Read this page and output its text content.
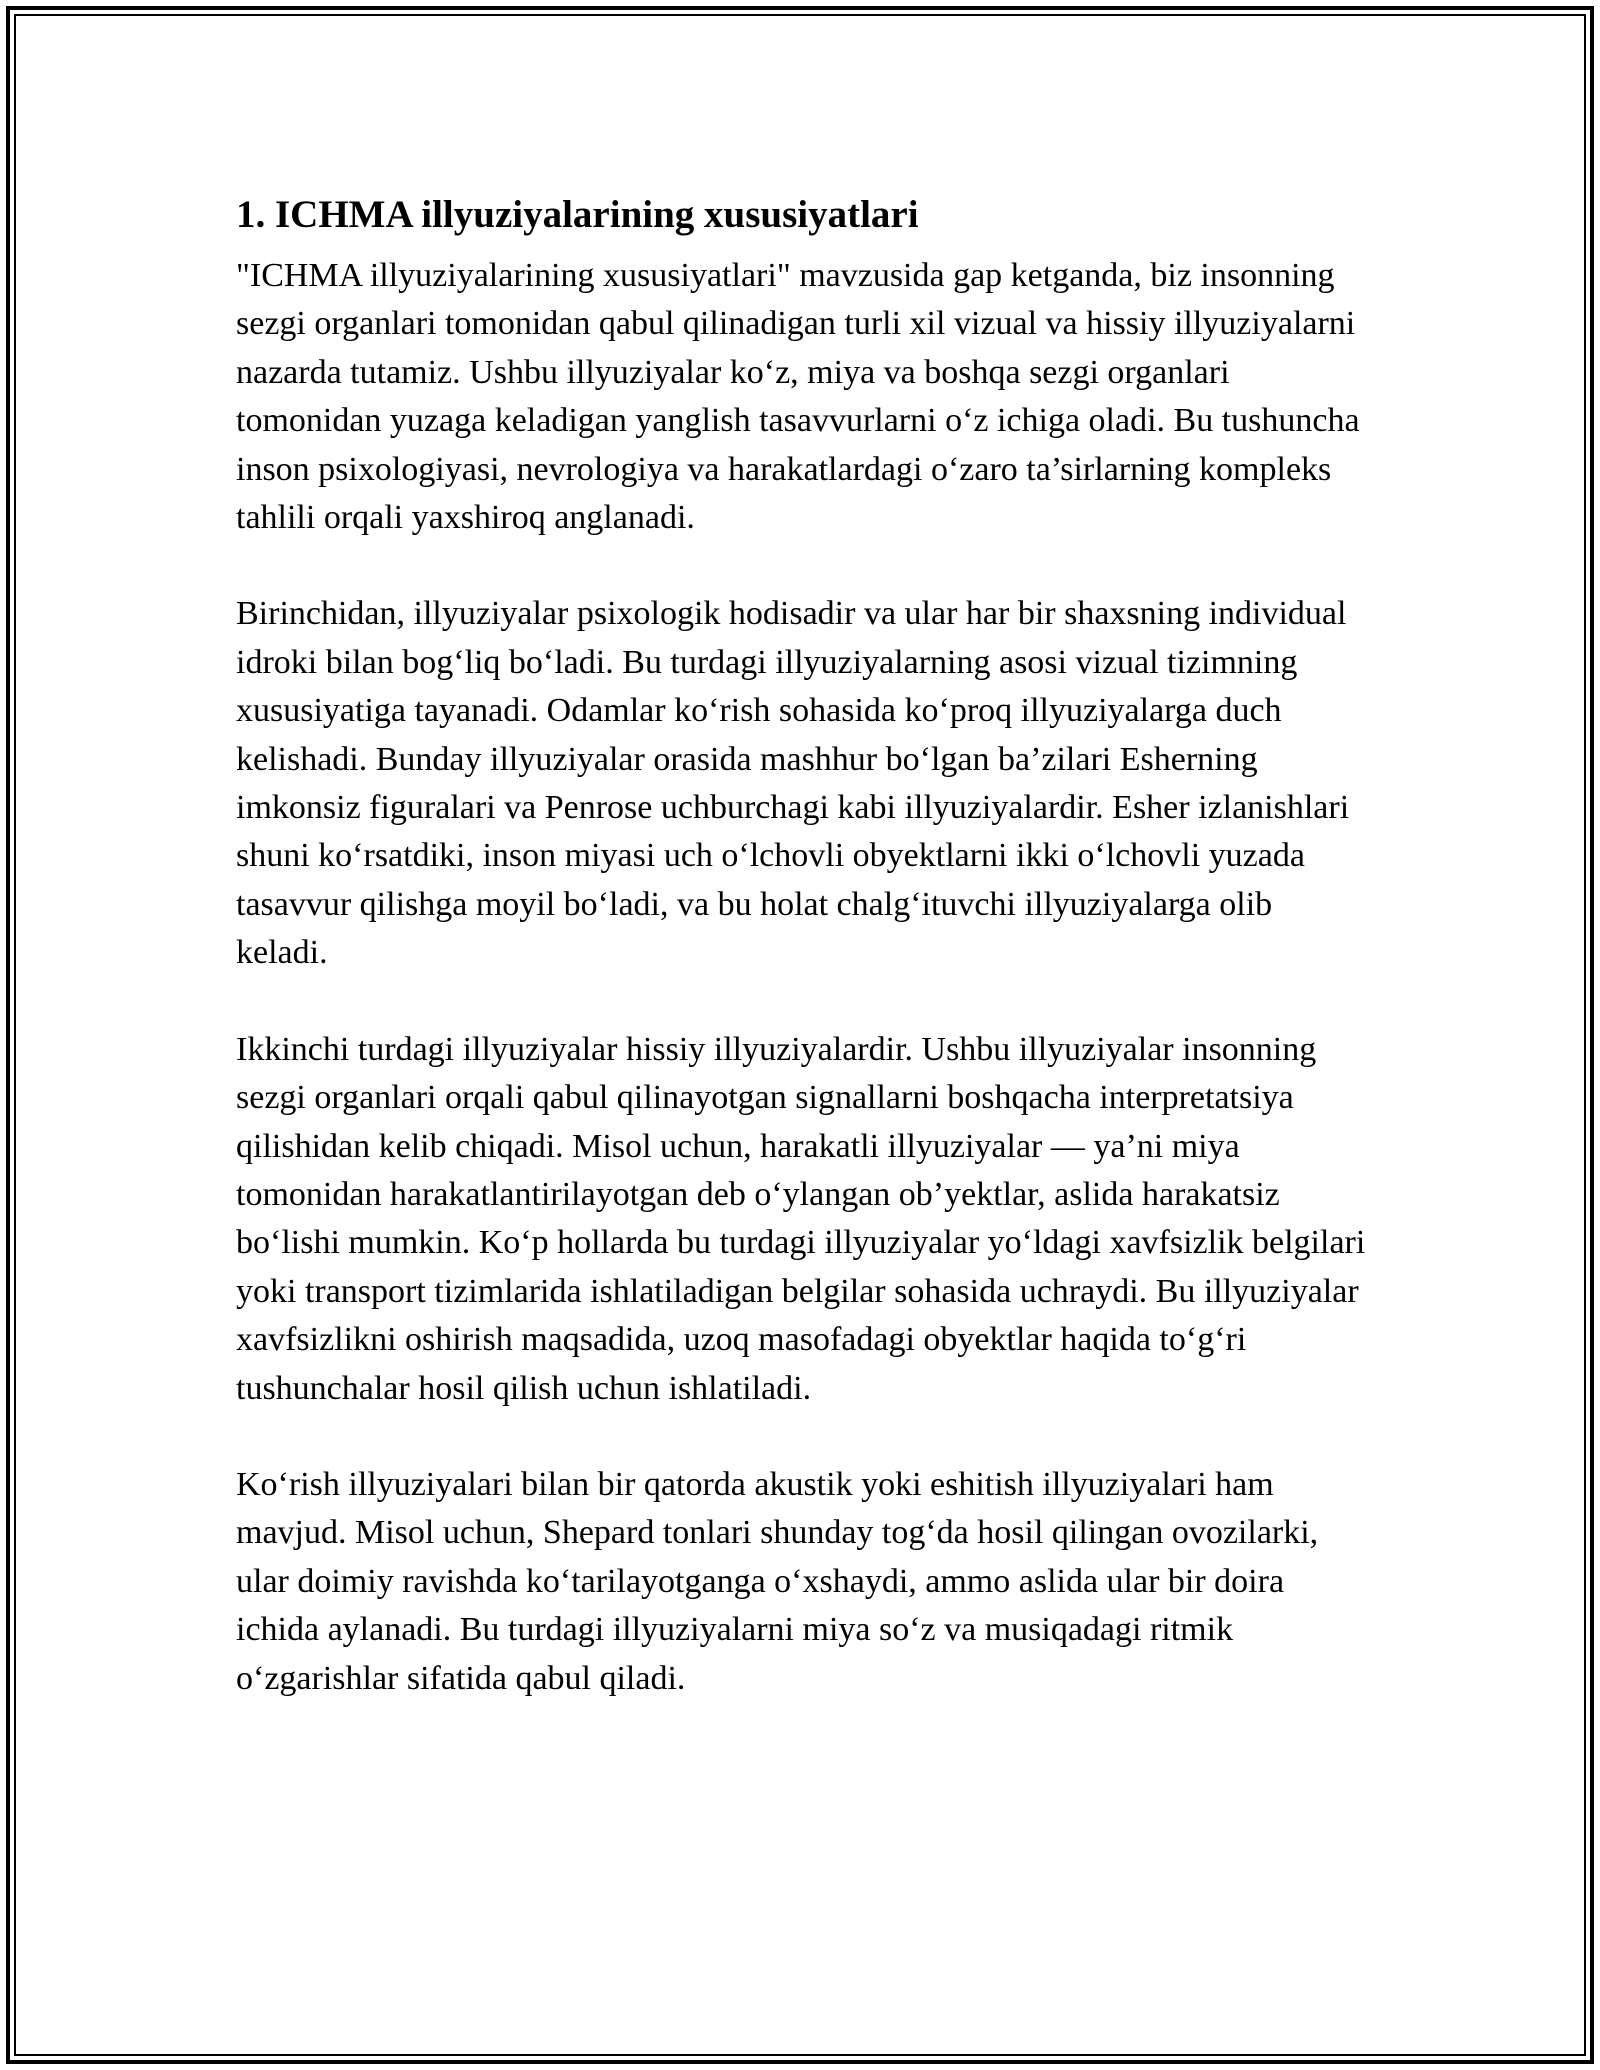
1. ICHMA illyuziyalarining xususiyatlari

"ICHMA illyuziyalarining xususiyatlari" mavzusida gap ketganda, biz insonning sezgi organlari tomonidan qabul qilinadigan turli xil vizual va hissiy illyuziyalarni nazarda tutamiz. Ushbu illyuziyalar ko‘z, miya va boshqa sezgi organlari tomonidan yuzaga keladigan yanglish tasavvurlarni o‘z ichiga oladi. Bu tushuncha inson psixologiyasi, nevrologiya va harakatlardagi o‘zaro ta’sirlarning kompleks tahlili orqali yaxshiroq anglanadi.

Birinchidan, illyuziyalar psixologik hodisadir va ular har bir shaxsning individual idroki bilan bog‘liq bo‘ladi. Bu turdagi illyuziyalarning asosi vizual tizimning xususiyatiga tayanadi. Odamlar ko‘rish sohasida ko‘proq illyuziyalarga duch kelishadi. Bunday illyuziyalar orasida mashhur bo‘lgan ba’zilari Esherning imkonsiz figuralari va Penrose uchburchagi kabi illyuziyalardir. Esher izlanishlari shuni ko‘rsatdiki, inson miyasi uch o‘lchovli obyektlarni ikki o‘lchovli yuzada tasavvur qilishga moyil bo‘ladi, va bu holat chalg‘ituvchi illyuziyalarga olib keladi.

Ikkinchi turdagi illyuziyalar hissiy illyuziyalardir. Ushbu illyuziyalar insonning sezgi organlari orqali qabul qilinayotgan signallarni boshqacha interpretatsiya qilishidan kelib chiqadi. Misol uchun, harakatli illyuziyalar — ya’ni miya tomonidan harakatlantirilayotgan deb o‘ylangan ob’yektlar, aslida harakatsiz bo‘lishi mumkin. Ko‘p hollarda bu turdagi illyuziyalar yo‘ldagi xavfsizlik belgilari yoki transport tizimlarida ishlatiladigan belgilar sohasida uchraydi. Bu illyuziyalar xavfsizlikni oshirish maqsadida, uzoq masofadagi obyektlar haqida to‘g‘ri tushunchalar hosil qilish uchun ishlatiladi.

Ko‘rish illyuziyalari bilan bir qatorda akustik yoki eshitish illyuziyalari ham mavjud. Misol uchun, Shepard tonlari shunday tog‘da hosil qilingan ovozilarki, ular doimiy ravishda ko‘tarilayotganga o‘xshaydi, ammo aslida ular bir doira ichida aylanadi. Bu turdagi illyuziyalarni miya so‘z va musiqadagi ritmik o‘zgarishlar sifatida qabul qiladi.
